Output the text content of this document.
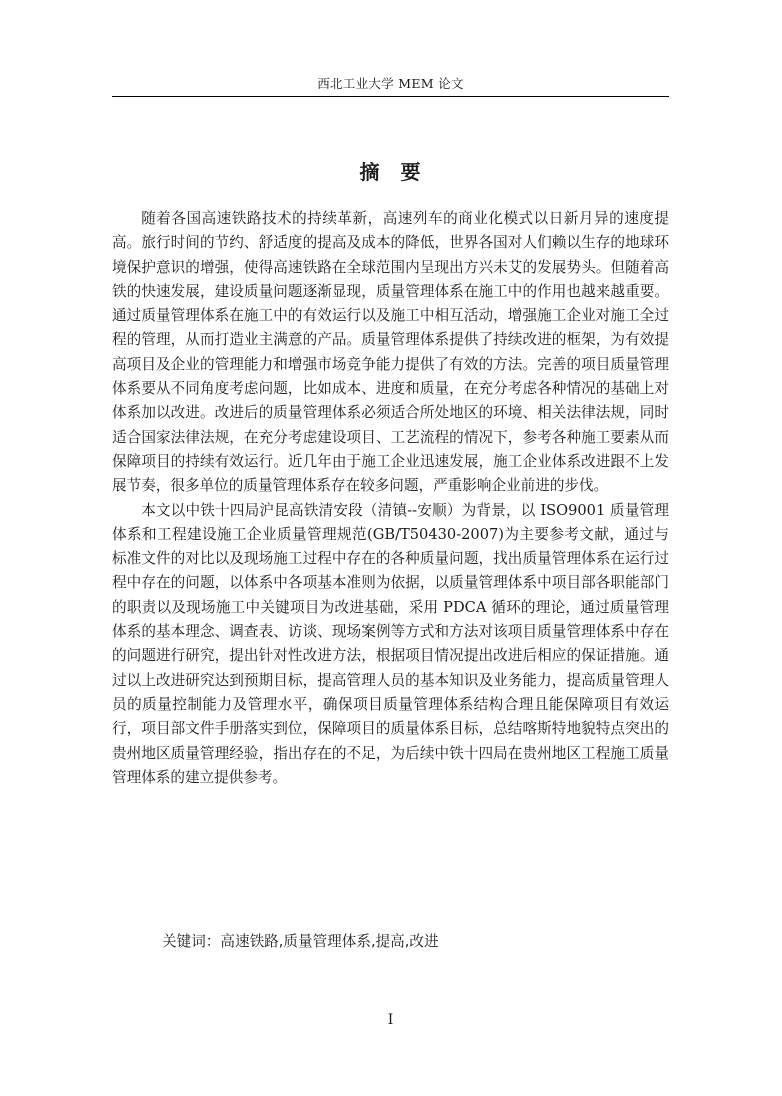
西北工业大学 MEM 论文
摘 要

随着各国高速铁路技术的持续革新，高速列车的商业化模式以日新月异的速度提高。旅行时间的节约、舒适度的提高及成本的降低，世界各国对人们赖以生存的地球环境保护意识的增强，使得高速铁路在全球范围内呈现出方兴未艾的发展势头。但随着高铁的快速发展，建设质量问题逐渐显现，质量管理体系在施工中的作用也越来越重要。通过质量管理体系在施工中的有效运行以及施工中相互活动，增强施工企业对施工全过程的管理，从而打造业主满意的产品。质量管理体系提供了持续改进的框架，为有效提高项目及企业的管理能力和增强市场竞争能力提供了有效的方法。完善的项目质量管理体系要从不同角度考虑问题，比如成本、进度和质量，在充分考虑各种情况的基础上对体系加以改进。改进后的质量管理体系必须适合所处地区的环境、相关法律法规，同时适合国家法律法规，在充分考虑建设项目、工艺流程的情况下，参考各种施工要素从而保障项目的持续有效运行。近几年由于施工企业迅速发展，施工企业体系改进跟不上发展节奏，很多单位的质量管理体系存在较多问题，严重影响企业前进的步伐。

本文以中铁十四局沪昆高铁清安段（清镇--安顺）为背景，以 ISO9001 质量管理体系和工程建设施工企业质量管理规范(GB/T50430-2007)为主要参考文献，通过与标准文件的对比以及现场施工过程中存在的各种质量问题，找出质量管理体系在运行过程中存在的问题，以体系中各项基本准则为依据，以质量管理体系中项目部各职能部门的职责以及现场施工中关键项目为改进基础，采用 PDCA 循环的理论，通过质量管理体系的基本理念、调查表、访谈、现场案例等方式和方法对该项目质量管理体系中存在的问题进行研究，提出针对性改进方法，根据项目情况提出改进后相应的保证措施。通过以上改进研究达到预期目标，提高管理人员的基本知识及业务能力，提高质量管理人员的质量控制能力及管理水平，确保项目质量管理体系结构合理且能保障项目有效运行，项目部文件手册落实到位，保障项目的质量体系目标，总结喀斯特地貌特点突出的贵州地区质量管理经验，指出存在的不足，为后续中铁十四局在贵州地区工程施工质量管理体系的建立提供参考。

关键词：高速铁路,质量管理体系,提高,改进
I
